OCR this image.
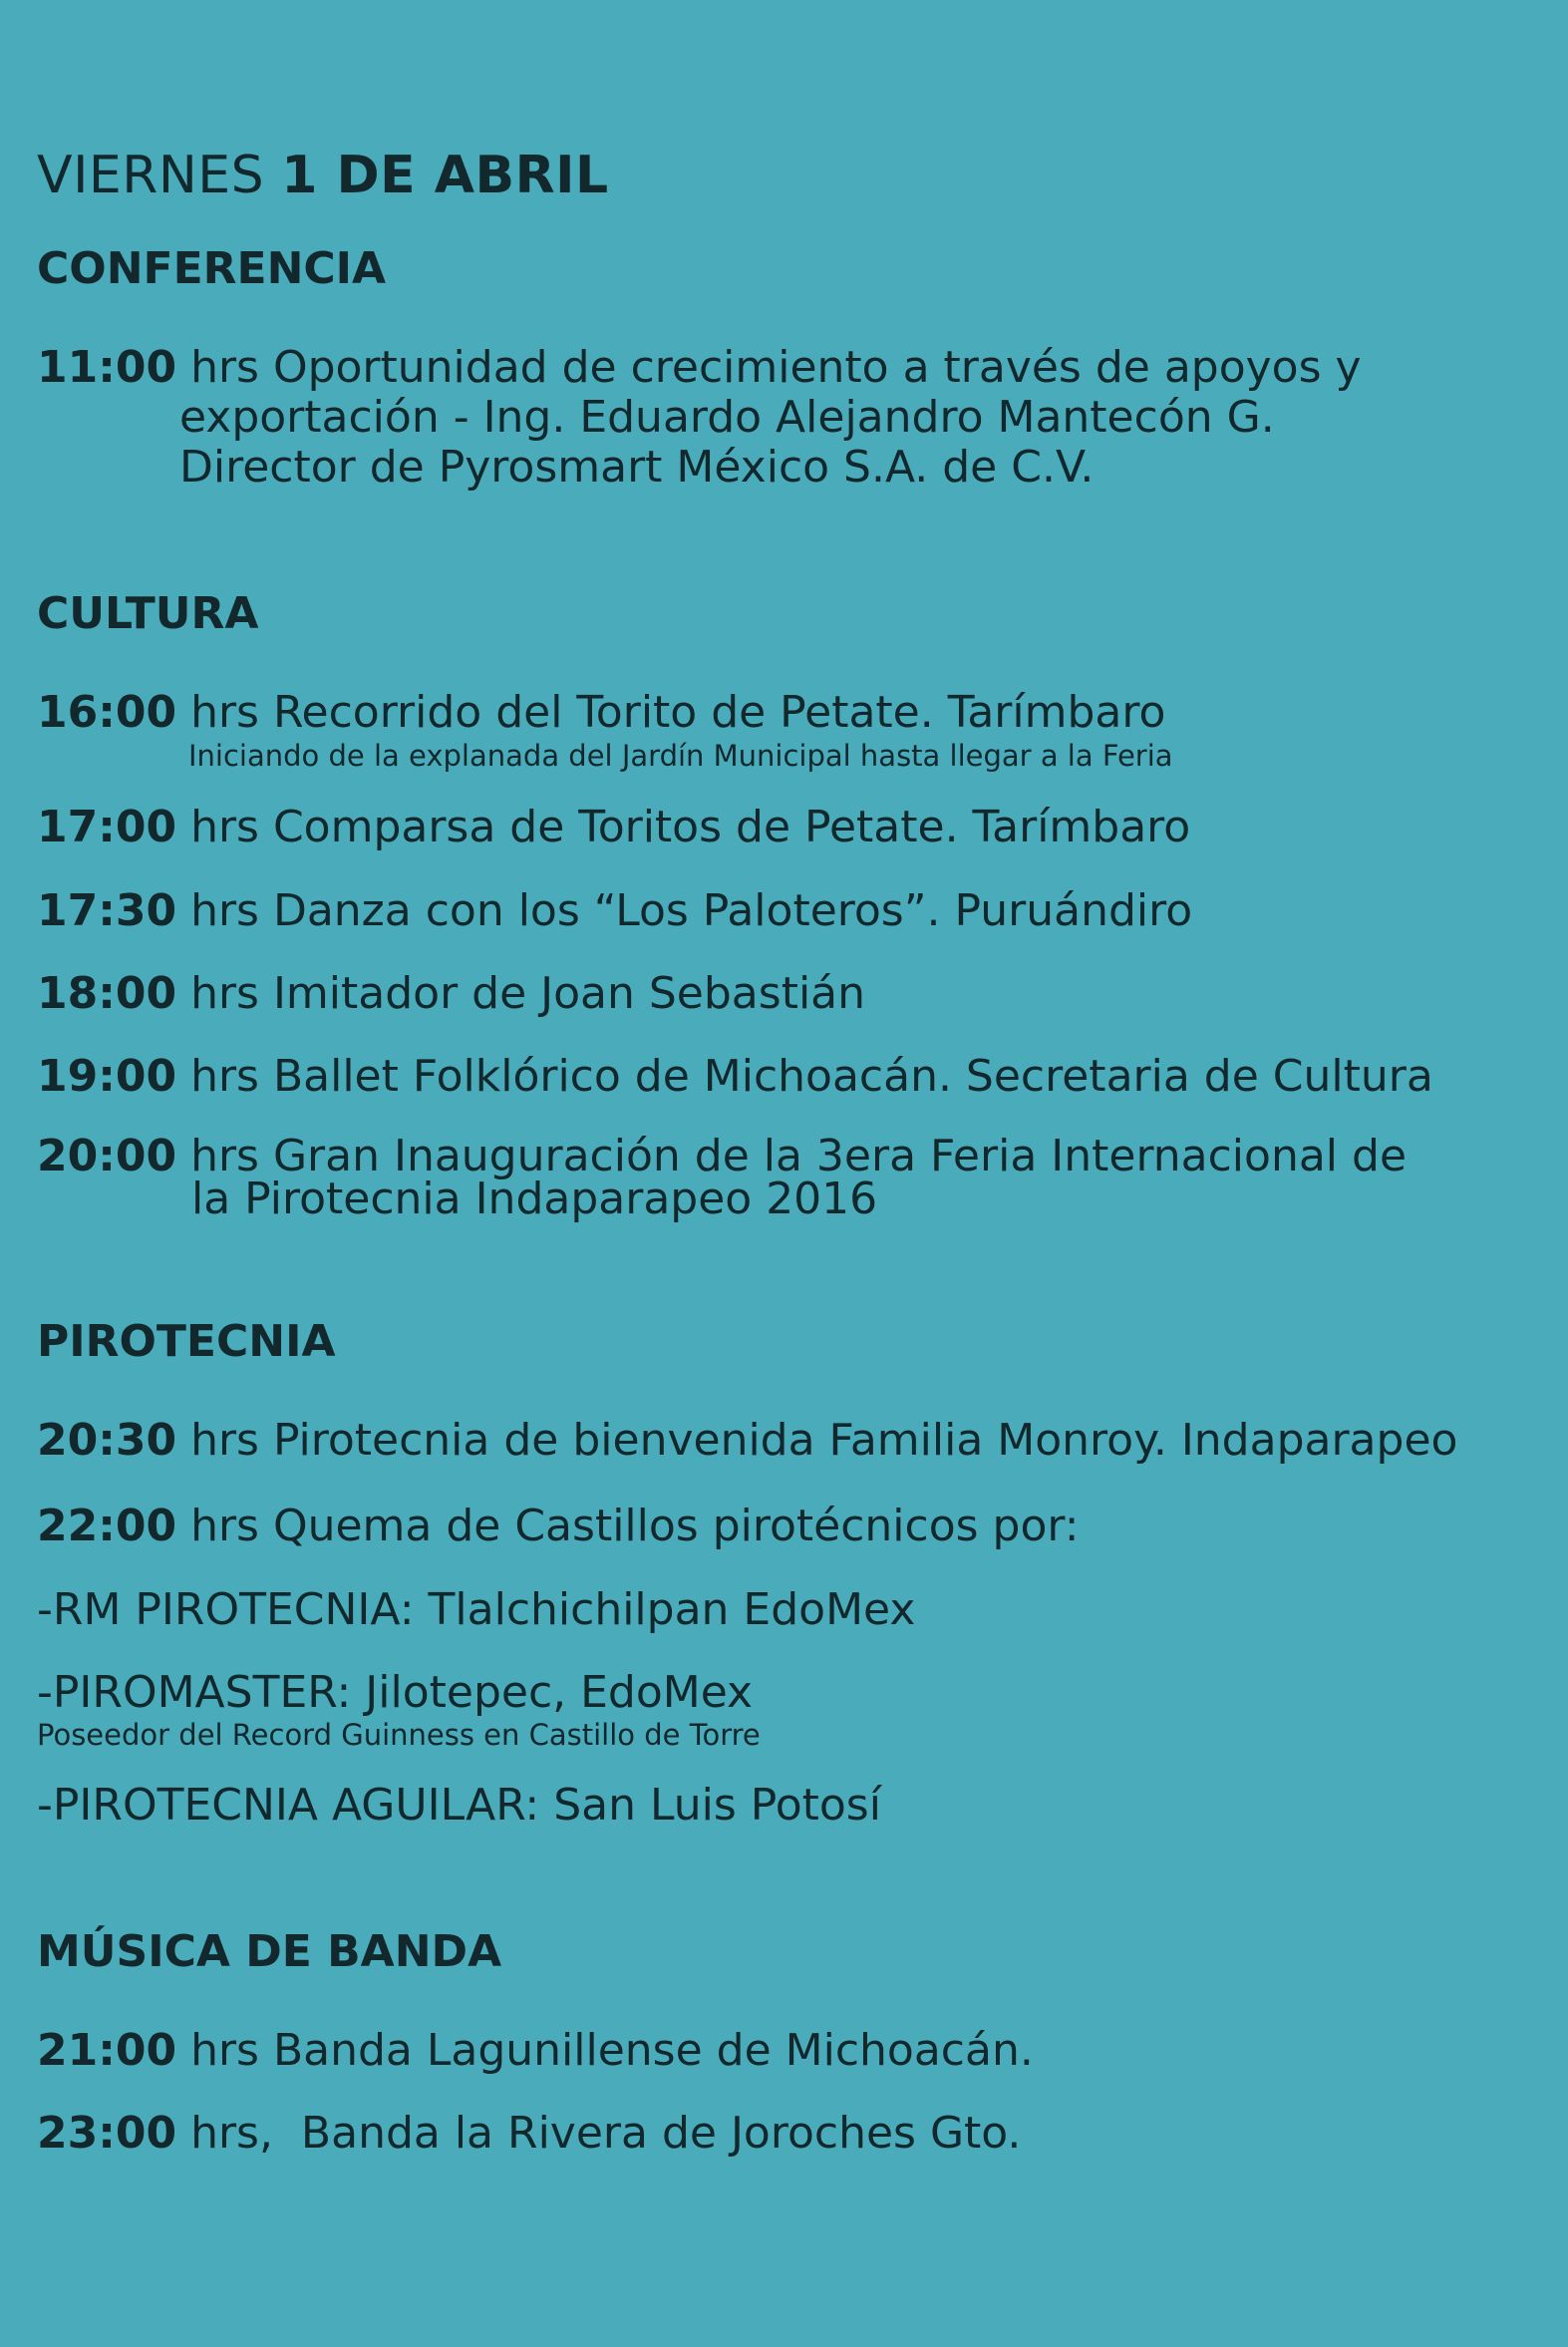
VIERNES 1 DE ABRIL
CONFERENCIA

11:00 hrs Oportunidad de crecimiento a través de apoyos y
exportación - Ing. Eduardo Alejandro Mantecón G.
Director de Pyrosmart México S.A. de C.V.

CULTURA

16:00 hrs Recorrido del Torito de Petate. Tarímbaro
Iniciando de la explanada del Jardín Municipal hasta llegar a la Feria

17:00 hrs Comparsa de Toritos de Petate. Tarímbaro

17:30 hrs Danza con los “Los Paloteros”. Puruándiro

18:00 hrs Imitador de Joan Sebastián

19:00 hrs Ballet Folklórico de Michoacán. Secretaria de Cultura

20:00 hrs Gran Inauguración de la 3era Feria Internacional de
la Pirotecnia Indaparapeo 2016

PIROTECNIA

20:30 hrs Pirotecnia de bienvenida Familia Monroy. Indaparapeo

22:00 hrs Quema de Castillos pirotécnicos por:

-RM PIROTECNIA: Tlalchichilpan EdoMex

-PIROMASTER: Jilotepec, EdoMex
Poseedor del Record Guinness en Castillo de Torre

-PIROTECNIA AGUILAR: San Luis Potosí

MÚSICA DE BANDA

21:00 hrs Banda Lagunillense de Michoacán.

23:00 hrs,  Banda la Rivera de Joroches Gto.
